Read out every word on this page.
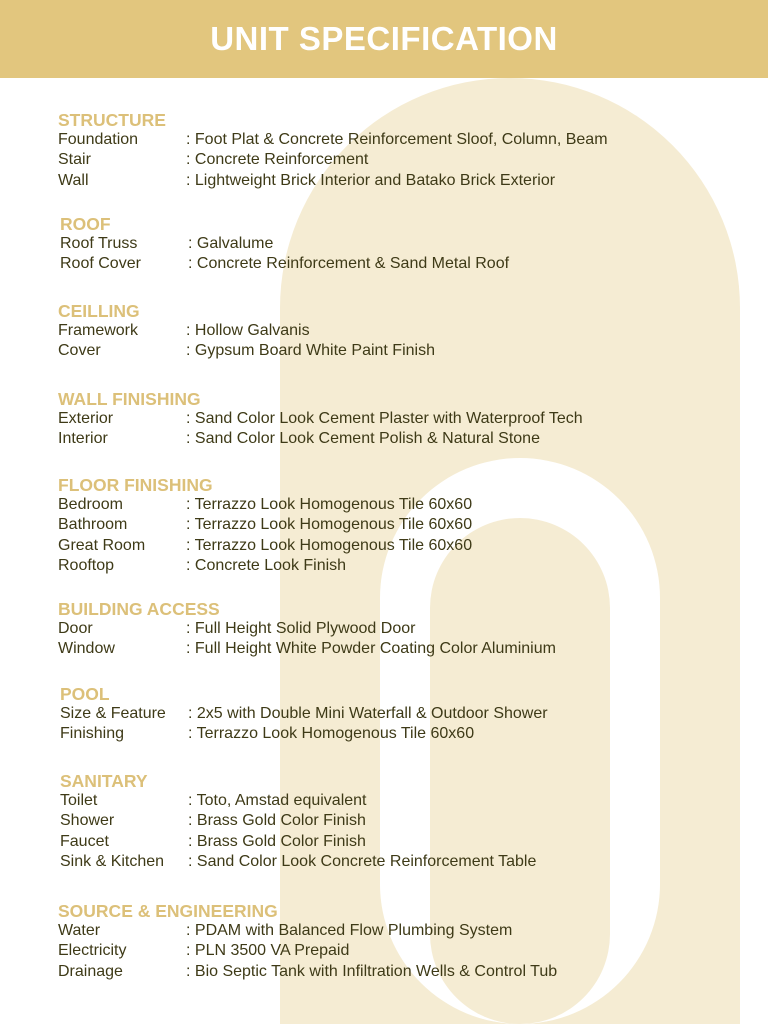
UNIT SPECIFICATION
STRUCTURE
Foundation	: Foot Plat & Concrete Reinforcement Sloof, Column, Beam
Stair	: Concrete Reinforcement
Wall	: Lightweight Brick Interior and Batako Brick Exterior
ROOF
Roof Truss	: Galvalume
Roof Cover	: Concrete Reinforcement & Sand Metal Roof
CEILLING
Framework	: Hollow Galvanis
Cover	: Gypsum Board White Paint Finish
WALL FINISHING
Exterior	: Sand Color Look Cement Plaster with Waterproof Tech
Interior	: Sand Color Look Cement Polish & Natural Stone
FLOOR FINISHING
Bedroom	: Terrazzo Look Homogenous Tile 60x60
Bathroom	: Terrazzo Look Homogenous Tile 60x60
Great Room	: Terrazzo Look Homogenous Tile 60x60
Rooftop	: Concrete Look Finish
BUILDING ACCESS
Door	: Full Height Solid Plywood Door
Window	: Full Height White Powder Coating Color Aluminium
POOL
Size & Feature	: 2x5 with Double Mini Waterfall & Outdoor Shower
Finishing	: Terrazzo Look Homogenous Tile 60x60
SANITARY
Toilet	: Toto, Amstad equivalent
Shower	: Brass Gold Color Finish
Faucet	: Brass Gold Color Finish
Sink & Kitchen	: Sand Color Look Concrete Reinforcement Table
SOURCE & ENGINEERING
Water	: PDAM with Balanced Flow Plumbing System
Electricity	: PLN 3500 VA Prepaid
Drainage	: Bio Septic Tank with Infiltration Wells & Control Tub
